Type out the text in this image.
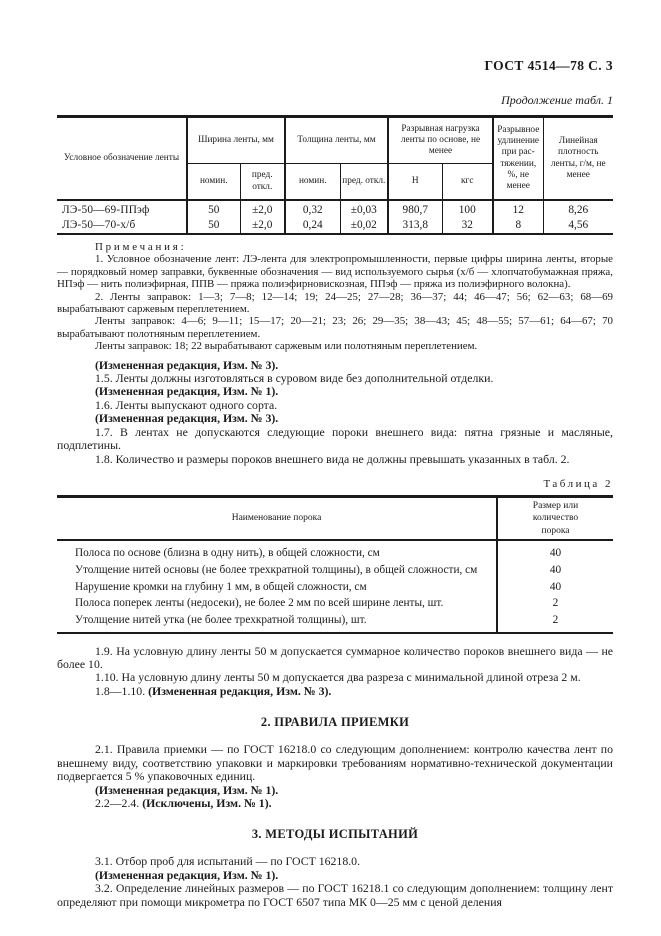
ГОСТ 4514—78 С. 3
Продолжение табл. 1
Условное обозначение ленты	Ширина ленты, мм		Толщина ленты, мм		Разрывная нагрузка ленты по основе, не менее		Разрывное удлинение при растяжении, %, не менее	Линейная плотность ленты, г/м, не менее
	номин.	пред. откл.	номин.	пред. откл.	Н	кгс		
ЛЭ-50—69-ППэф	50	±2,0	0,32	±0,03	980,7	100	12	8,26
ЛЭ-50—70-х/б	50	±2,0	0,24	±0,02	313,8	32	8	4,56

Примечания:

1. Условное обозначение лент: ЛЭ-лента для электропромышленности, первые цифры ширина ленты, вторые — порядковый номер заправки, буквенные обозначения — вид используемого сырья (х/б — хлопчатобумажная пряжа, НПэф — нить полиэфирная, ППВ — пряжа полиэфирновискозная, ППэф — пряжа из полиэфирного волокна).

2. Ленты заправок: 1—3; 7—8; 12—14; 19; 24—25; 27—28; 36—37; 44; 46—47; 56; 62—63; 68—69 вырабатывают саржевым переплетением.

Ленты заправок: 4—6; 9—11; 15—17; 20—21; 23; 26; 29—35; 38—43; 45; 48—55; 57—61; 64—67; 70 вырабатывают полотняным переплетением.

Ленты заправок: 18; 22 вырабатывают саржевым или полотняным переплетением.

(Измененная редакция, Изм. № 3).

1.5. Ленты должны изготовляться в суровом виде без дополнительной отделки.

(Измененная редакция, Изм. № 1).

1.6. Ленты выпускают одного сорта.

(Измененная редакция, Изм. № 3).

1.7. В лентах не допускаются следующие пороки внешнего вида: пятна грязные и масляные, подплетины.

1.8. Количество и размеры пороков внешнего вида не должны превышать указанных в табл. 2.

Таблица 2
Наименование порока	Размер или количество порока
Полоса по основе (близна в одну нить), в общей сложности, см	40
Утолщение нитей основы (не более трехкратной толщины), в общей сложности, см	40
Нарушение кромки на глубину 1 мм, в общей сложности, см	40
Полоса поперек ленты (недосеки), не более 2 мм по всей ширине ленты, шт.	2
Утолщение нитей утка (не более трехкратной толщины), шт.	2

1.9. На условную длину ленты 50 м допускается суммарное количество пороков внешнего вида — не более 10.

1.10. На условную длину ленты 50 м допускается два разреза с минимальной длиной отреза 2 м.

1.8—1.10. (Измененная редакция, Изм. № 3).

2. ПРАВИЛА ПРИЕМКИ

2.1. Правила приемки — по ГОСТ 16218.0 со следующим дополнением: контролю качества лент по внешнему виду, соответствию упаковки и маркировки требованиям нормативно-технической документации подвергается 5 % упаковочных единиц.

(Измененная редакция, Изм. № 1).

2.2—2.4. (Исключены, Изм. № 1).

3. МЕТОДЫ ИСПЫТАНИЙ

3.1. Отбор проб для испытаний — по ГОСТ 16218.0.

(Измененная редакция, Изм. № 1).

3.2. Определение линейных размеров — по ГОСТ 16218.1 со следующим дополнением: толщину лент определяют при помощи микрометра по ГОСТ 6507 типа МК 0—25 мм с ценой деления
